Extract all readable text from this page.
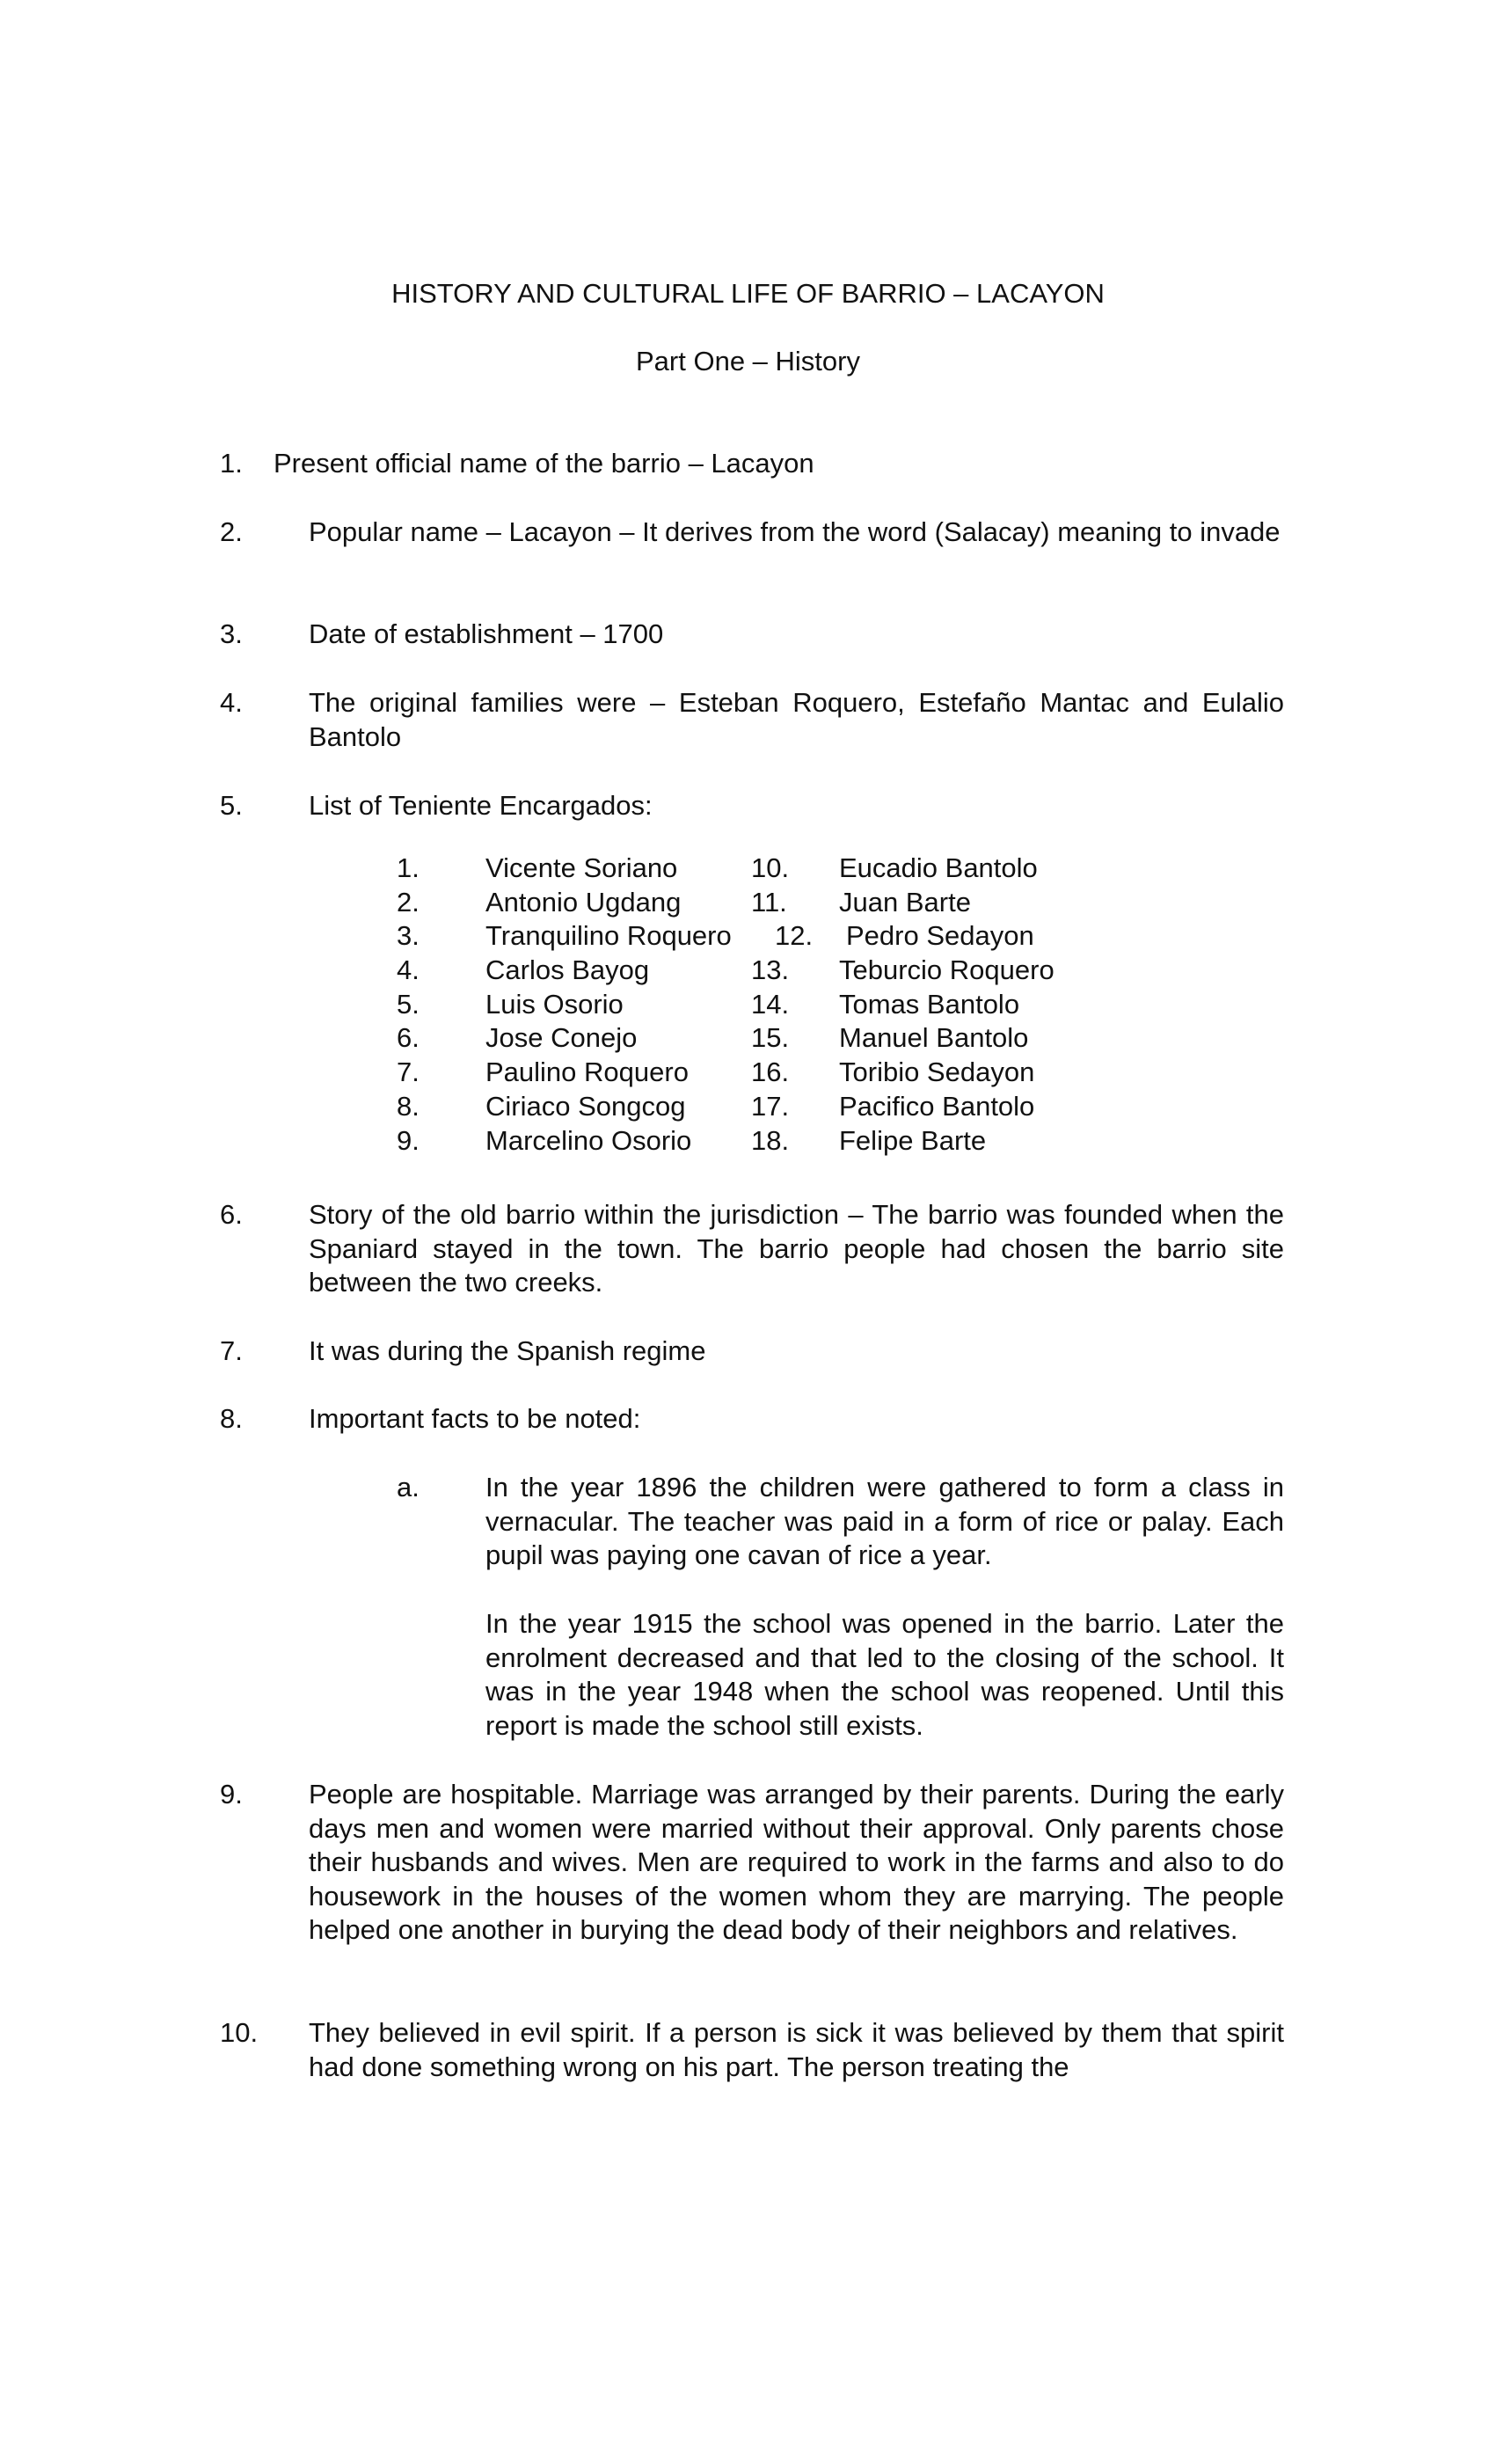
HISTORY AND CULTURAL LIFE OF BARRIO – LACAYON
Part One – History
1. Present official name of the barrio – Lacayon
2. Popular name – Lacayon – It derives from the word (Salacay) meaning to invade
3. Date of establishment – 1700
4. The original families were – Esteban Roquero, Estefaño Mantac and Eulalio Bantolo
5. List of Teniente Encargados:
1. Vicente Soriano	10. Eucadio Bantolo
2. Antonio Ugdang	11. Juan Barte
3. Tranquilino Roquero 12. Pedro Sedayon
4. Carlos Bayog	13. Teburcio Roquero
5. Luis Osorio	14. Tomas Bantolo
6. Jose Conejo	15. Manuel Bantolo
7. Paulino Roquero 16. Toribio Sedayon
8. Ciriaco Songcog 17. Pacifico Bantolo
9. Marcelino Osorio 18. Felipe Barte
6. Story of the old barrio within the jurisdiction – The barrio was founded when the Spaniard stayed in the town. The barrio people had chosen the barrio site between the two creeks.
7. It was during the Spanish regime
8. Important facts to be noted:
a. In the year 1896 the children were gathered to form a class in vernacular. The teacher was paid in a form of rice or palay. Each pupil was paying one cavan of rice a year.
In the year 1915 the school was opened in the barrio. Later the enrolment decreased and that led to the closing of the school. It was in the year 1948 when the school was reopened. Until this report is made the school still exists.
9. People are hospitable. Marriage was arranged by their parents. During the early days men and women were married without their approval. Only parents chose their husbands and wives. Men are required to work in the farms and also to do housework in the houses of the women whom they are marrying. The people helped one another in burying the dead body of their neighbors and relatives.
10. They believed in evil spirit. If a person is sick it was believed by them that spirit had done something wrong on his part. The person treating the
